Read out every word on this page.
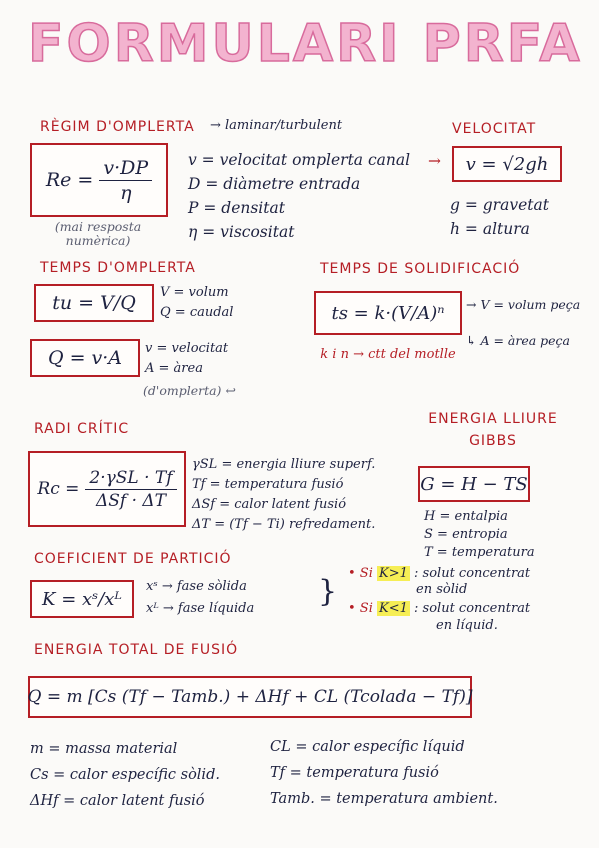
FORMULARI PRFA
RÈGIM D'OMPLERTA → laminar/turbulent
$Re = \frac{v\cdot DP}{\eta}$
(mai resposta numèrica)
v = velocitat omplerta canal
D = diàmetre entrada
P = densitat
η = viscositat
→
VELOCITAT
v = √2gh
g = gravetat
h = altura
TEMPS D'OMPLERTA
tu = V/Q	V = volum
Q = caudal
Q = v·A	v = velocitat
A = àrea
(d'omplerta) ↩
TEMPS DE SOLIDIFICACIÓ
ts = k·(V/A)ⁿ
k i n → ctt del motlle
→ V = volum peça
↳ A = àrea peça
RADI CRÍTIC
$Rc = \frac{\text{2·γSL · Tf}}{\text{ΔSf · ΔT}}$
γSL = energia lliure superf.
Tf = temperatura fusió
ΔSf = calor latent fusió
ΔT = (Tf − Ti) refredament.
ENERGIA LLIURE
GIBBS
G = H − TS
H = entalpia
S = entropia
T = temperatura
COEFICIENT DE PARTICIÓ
K = xˢ/xᴸ
xˢ → fase sòlida
xᴸ → fase líquida }
• Si K>1 : solut concentrat
en sòlid
• Si K<1 : solut concentrat
en líquid.
ENERGIA TOTAL DE FUSIÓ
Q = m [Cs (Tf − Tamb.) + ΔHf + CL (Tcolada − Tf)]
m = massa material
Cs = calor específic sòlid.
ΔHf = calor latent fusió
CL = calor específic líquid
Tf = temperatura fusió
Tamb. = temperatura ambient.
